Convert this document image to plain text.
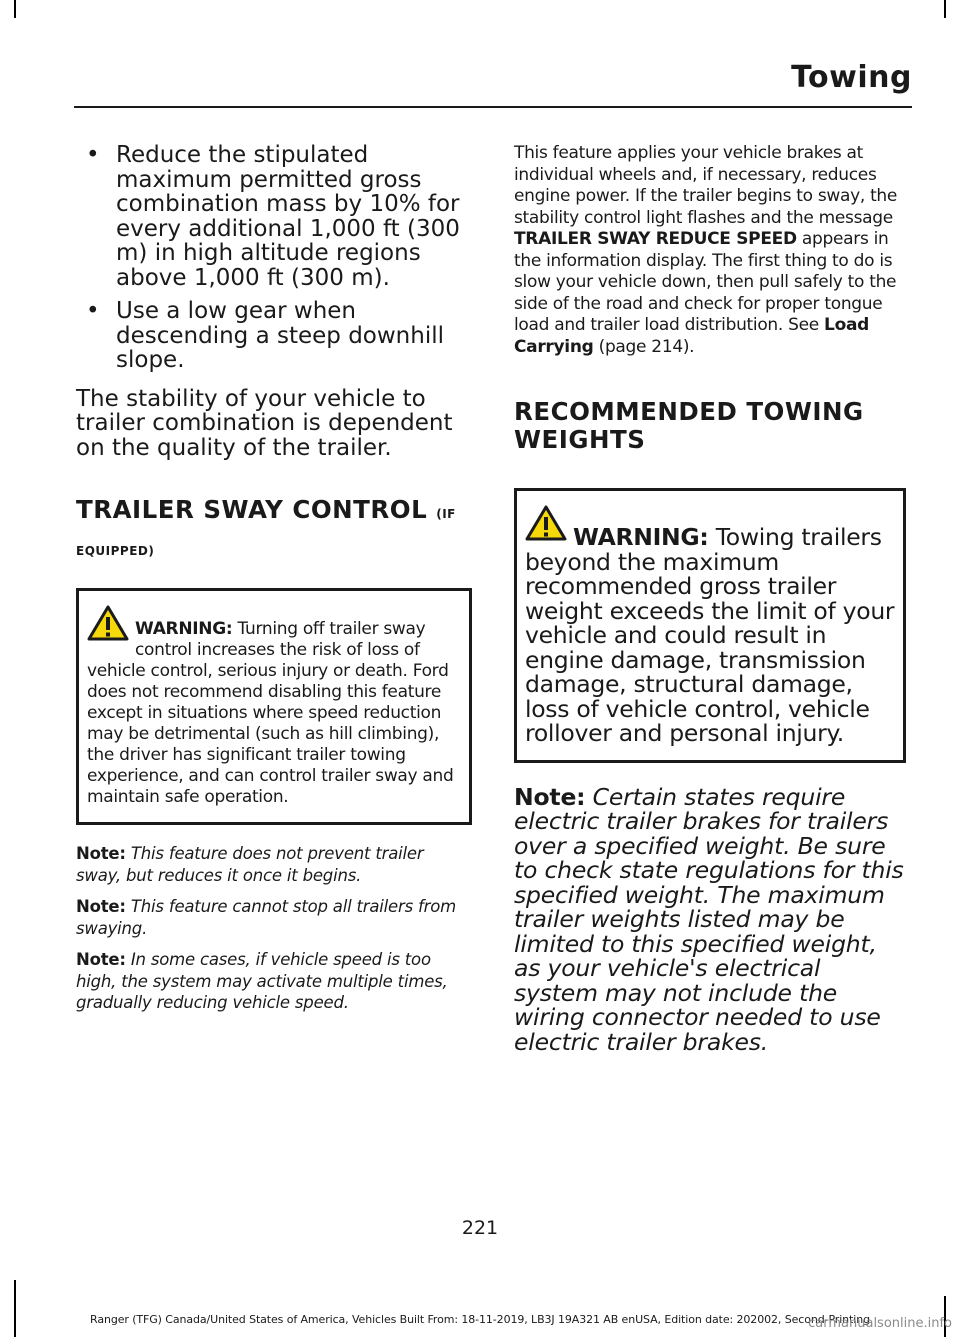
Towing
• Reduce the stipulated maximum permitted gross combination mass by 10% for every additional 1,000 ft (300 m) in high altitude regions above 1,000 ft (300 m).
• Use a low gear when descending a steep downhill slope.

The stability of your vehicle to trailer combination is dependent on the quality of the trailer.

TRAILER SWAY CONTROL (IF
EQUIPPED)
WARNING: Turning off trailer sway control increases the risk of loss of vehicle control, serious injury or death. Ford does not recommend disabling this feature except in situations where speed reduction may be detrimental (such as hill climbing), the driver has significant trailer towing experience, and can control trailer sway and maintain safe operation.

Note: This feature does not prevent trailer sway, but reduces it once it begins.

Note: This feature cannot stop all trailers from swaying.

Note: In some cases, if vehicle speed is too high, the system may activate multiple times, gradually reducing vehicle speed.

This feature applies your vehicle brakes at individual wheels and, if necessary, reduces engine power. If the trailer begins to sway, the stability control light flashes and the message TRAILER SWAY REDUCE SPEED appears in the information display. The first thing to do is slow your vehicle down, then pull safely to the side of the road and check for proper tongue load and trailer load distribution. See Load Carrying (page 214).

RECOMMENDED TOWING
WEIGHTS
WARNING: Towing trailers beyond the maximum recommended gross trailer weight exceeds the limit of your vehicle and could result in engine damage, transmission damage, structural damage, loss of vehicle control, vehicle rollover and personal injury.

Note: Certain states require electric trailer brakes for trailers over a specified weight. Be sure to check state regulations for this specified weight. The maximum trailer weights listed may be limited to this specified weight, as your vehicle's electrical system may not include the wiring connector needed to use electric trailer brakes.

221
Ranger (TFG) Canada/United States of America, Vehicles Built From: 18-11-2019, LB3J 19A321 AB enUSA, Edition date: 202002, Second-Printing
carmanualsonline.info
